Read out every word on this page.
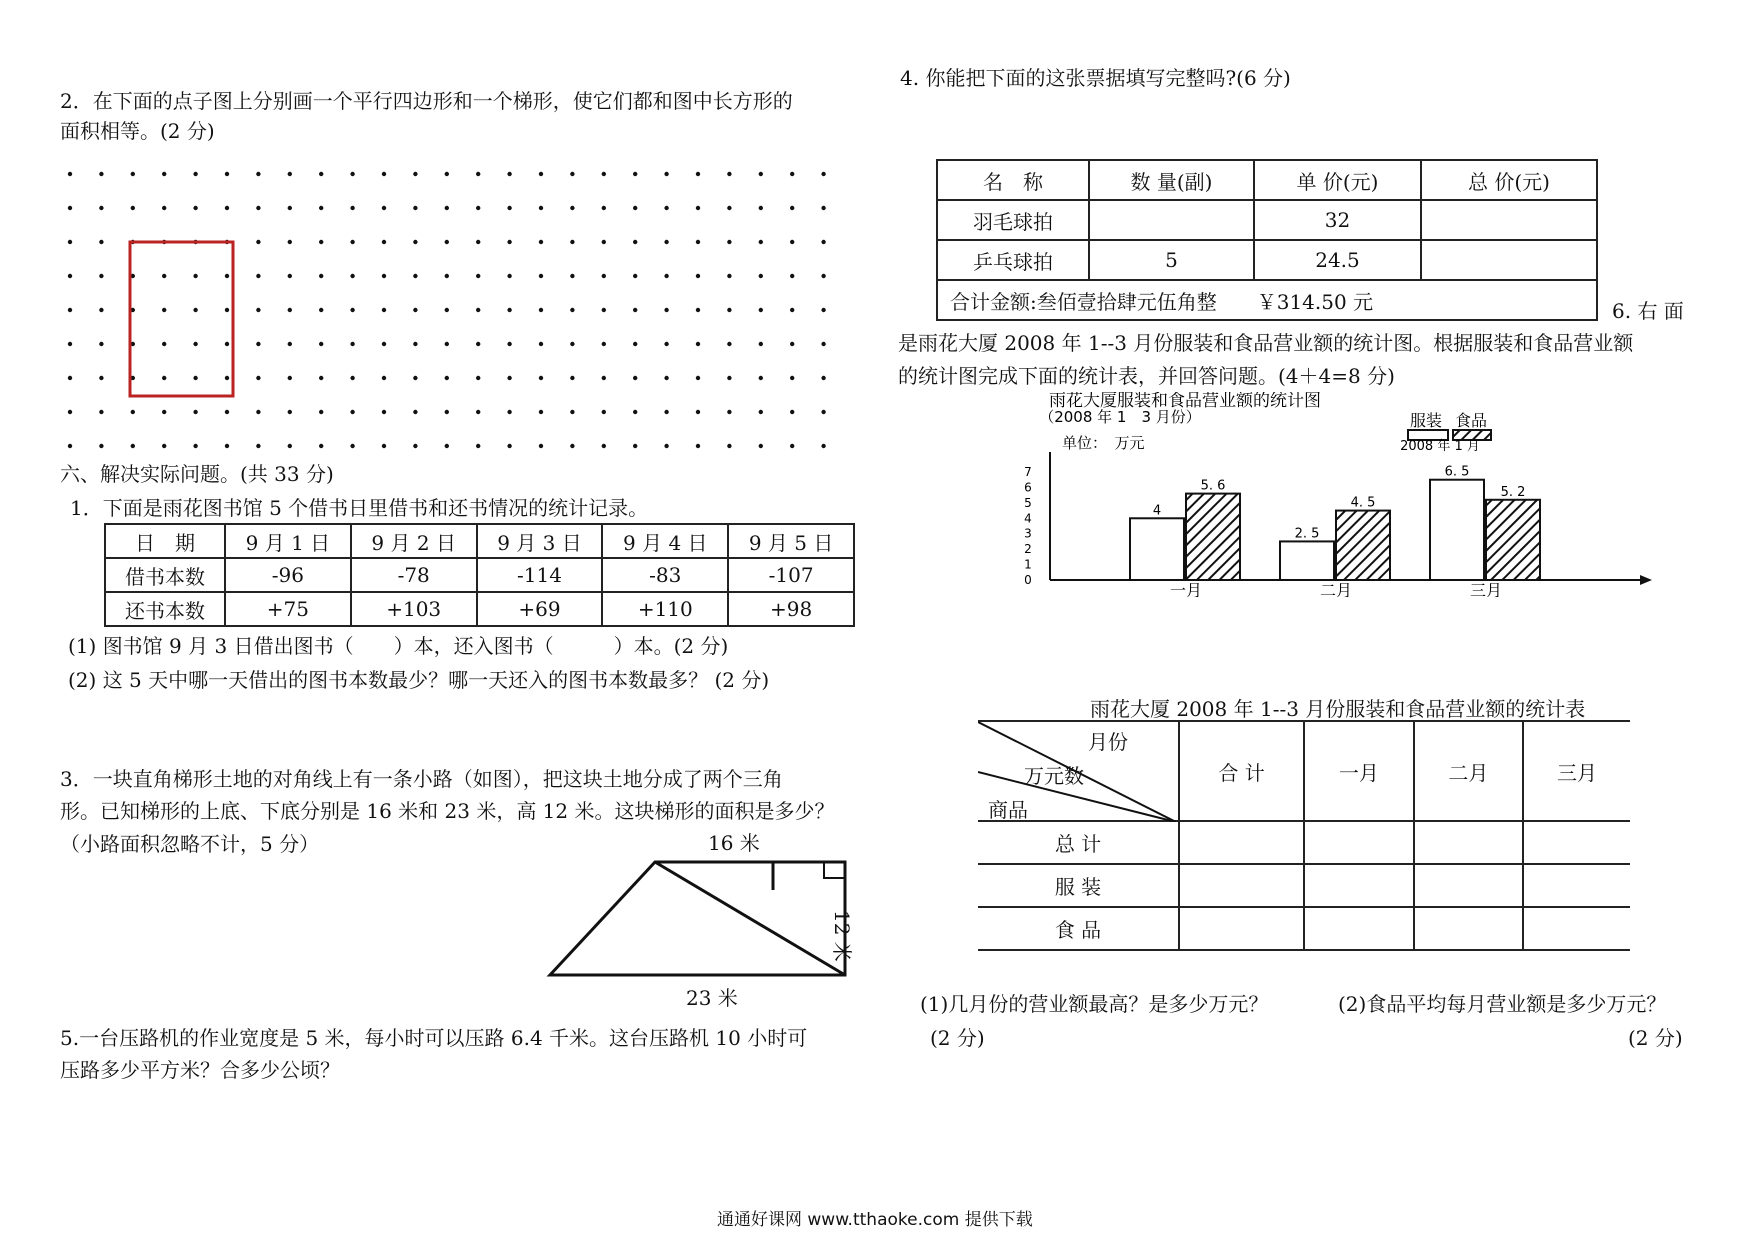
2．在下面的点子图上分别画一个平行四边形和一个梯形，使它们都和图中长方形的
面积相等。(2 分)
六、解决实际问题。(共 33 分)
1．下面是雨花图书馆 5 个借书日里借书和还书情况的统计记录。
日　期	9 月 1 日	9 月 2 日	9 月 3 日	9 月 4 日	9 月 5 日
借书本数	-96	-78	-114	-83	-107
还书本数	+75	+103	+69	+110	+98
(1) 图书馆 9 月 3 日借出图书（　　）本，还入图书（　　　）本。(2 分)
(2) 这 5 天中哪一天借出的图书本数最少？哪一天还入的图书本数最多？ (2 分)
3．一块直角梯形土地的对角线上有一条小路（如图），把这块土地分成了两个三角
形。已知梯形的上底、下底分别是 16 米和 23 米，高 12 米。这块梯形的面积是多少？
（小路面积忽略不计，5 分）	16 米
23 米
12 米
5.一台压路机的作业宽度是 5 米，每小时可以压路 6.4 千米。这台压路机 10 小时可
压路多少平方米？合多少公顷？
4. 你能把下面的这张票据填写完整吗?(6 分)
名　称	数 量(副)	单 价(元)	总 价(元)
羽毛球拍		32	
乒乓球拍	5	24.5	
合计金额:叁佰壹拾肆元伍角整　　￥314.50 元				6. 右 面
是雨花大厦 2008 年 1--3 月份服装和食品营业额的统计图。根据服装和食品营业额
的统计图完成下面的统计表，并回答问题。(4＋4=8 分)
雨花大厦服装和食品营业额的统计图
（2008 年 1　3 月份）
单位：　万元
服装 食品
2008 年 1 月
0
1
2
3
4
5
6
7
4
5. 6
2. 5
4. 5
6. 5
5. 2
一月	二月	三月
雨花大厦 2008 年 1--3 月份服装和食品营业额的统计表
月份
万元数
商品	合 计	一月	二月	三月
总 计				
服 装				
食 品				
(1)几月份的营业额最高？是多少万元？	(2)食品平均每月营业额是多少万元？
(2 分)	(2 分)
通通好课网 www.tthaoke.com 提供下载
